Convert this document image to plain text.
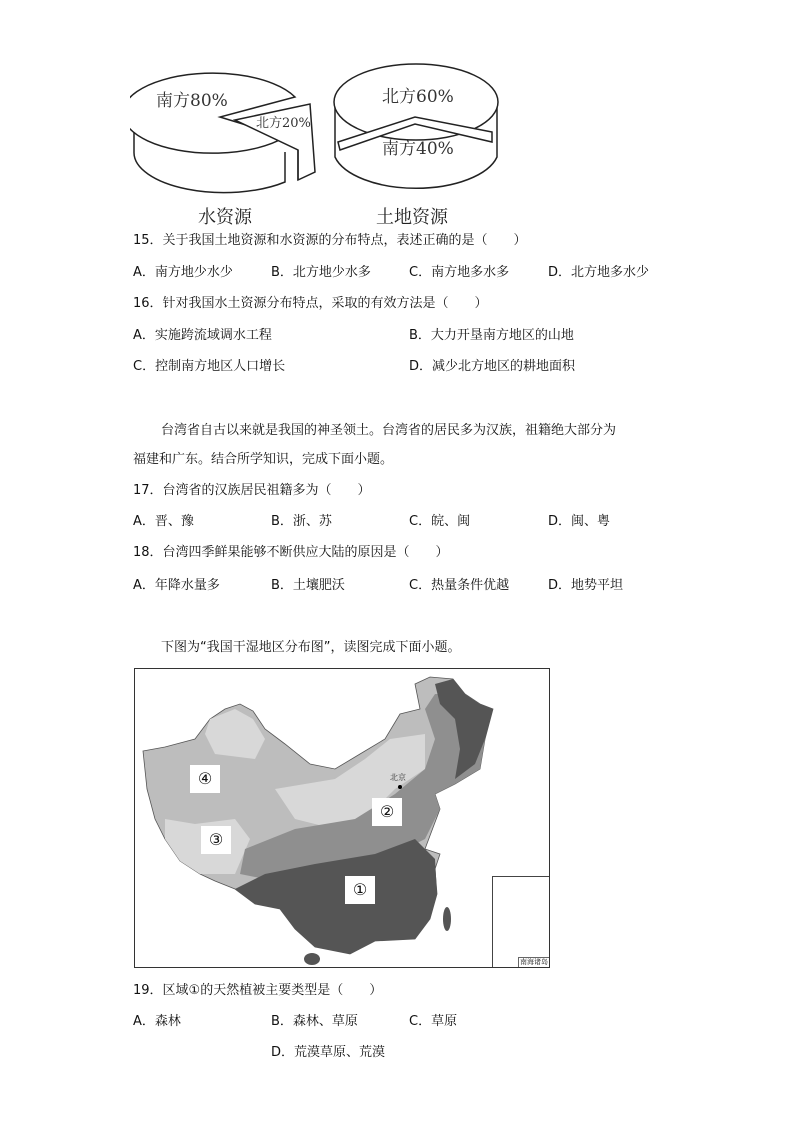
南方80%
北方20%
北方60%
南方40%
水资源	土地资源
15．关于我国土地资源和水资源的分布特点，表述正确的是（　　）
A．南方地少水少	B．北方地少水多	C．南方地多水多	D．北方地多水少
16．针对我国水土资源分布特点，采取的有效方法是（　　）
A．实施跨流域调水工程	B．大力开垦南方地区的山地
C．控制南方地区人口增长	D．减少北方地区的耕地面积
台湾省自古以来就是我国的神圣领土。台湾省的居民多为汉族，祖籍绝大部分为
福建和广东。结合所学知识，完成下面小题。
17．台湾省的汉族居民祖籍多为（　　）
A．晋、豫	B．浙、苏	C．皖、闽	D．闽、粤
18．台湾四季鲜果能够不断供应大陆的原因是（　　）
A．年降水量多	B．土壤肥沃	C．热量条件优越	D．地势平坦
下图为“我国干湿地区分布图”，读图完成下面小题。
北京
南海诸岛
①
②
③
④
19．区域①的天然植被主要类型是（　　）
A．森林	B．森林、草原	C．草原
D．荒漠草原、荒漠
